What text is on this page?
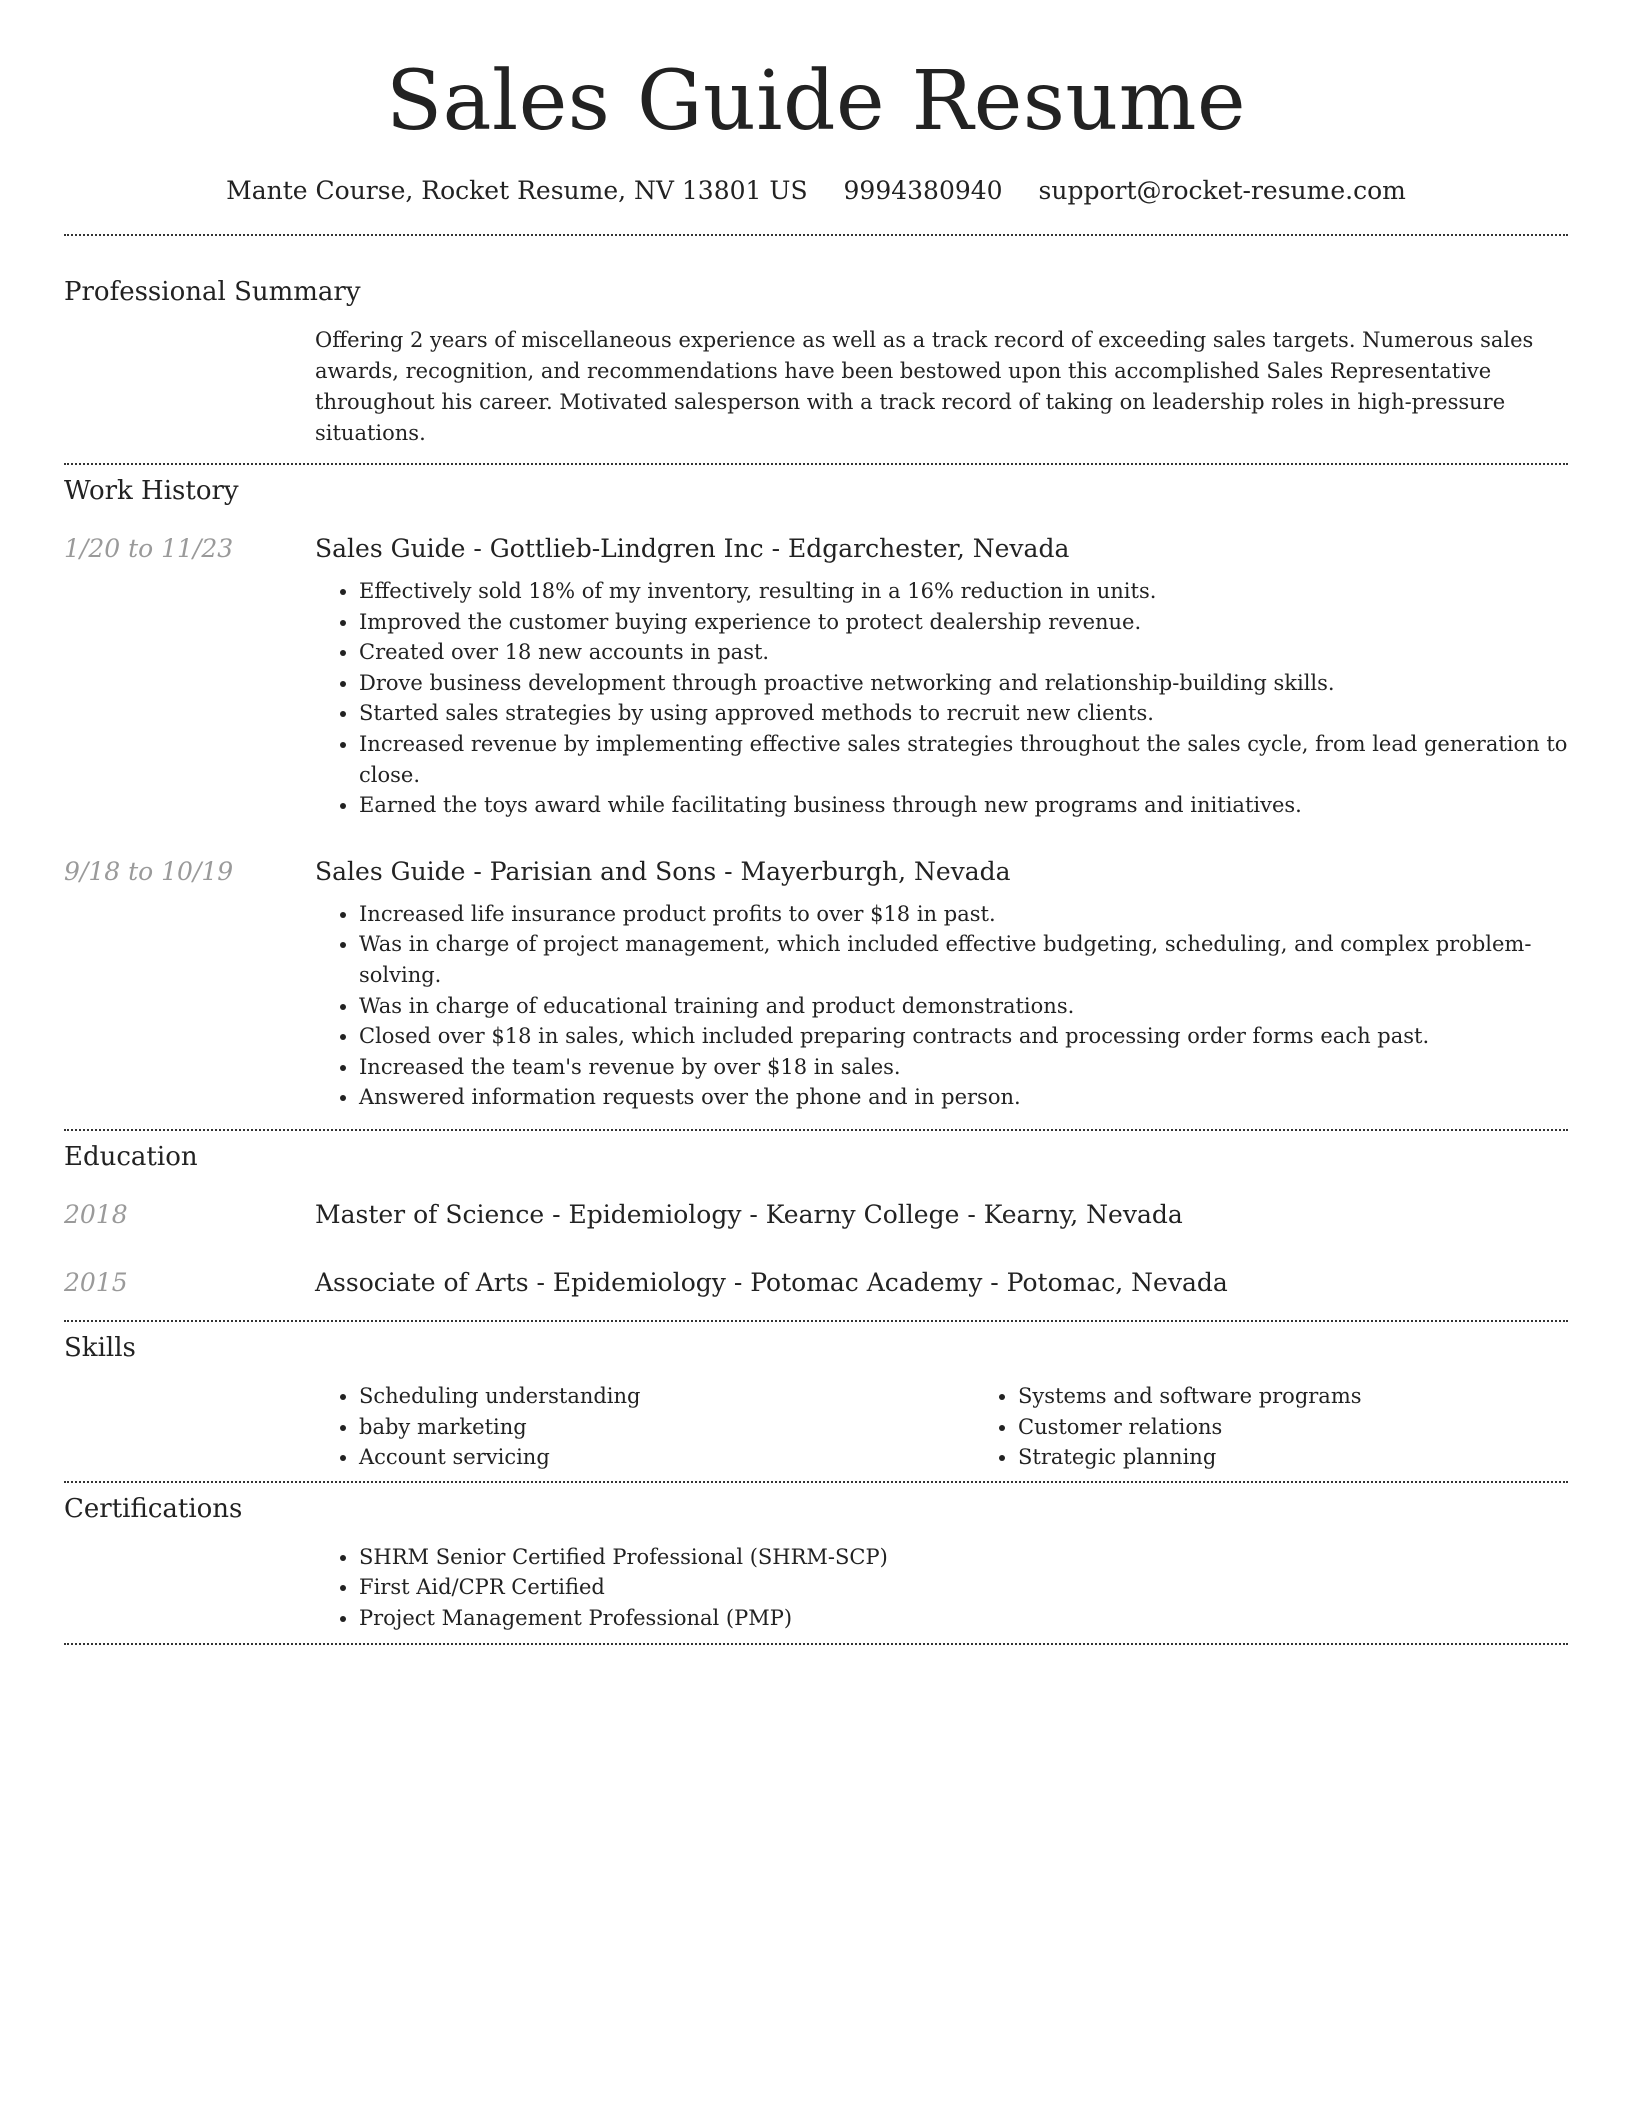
Sales Guide Resume
Mante Course, Rocket Resume, NV 13801 US 9994380940 support@rocket-resume.com
Professional Summary

Offering 2 years of miscellaneous experience as well as a track record of exceeding sales targets. Numerous sales awards, recognition, and recommendations have been bestowed upon this accomplished Sales Representative throughout his career. Motivated salesperson with a track record of taking on leadership roles in high-pressure situations.

Work History
1/20 to 11/23	Sales Guide - Gottlieb-Lindgren Inc - Edgarchester, Nevada
• Effectively sold 18% of my inventory, resulting in a 16% reduction in units.
• Improved the customer buying experience to protect dealership revenue.
• Created over 18 new accounts in past.
• Drove business development through proactive networking and relationship-building skills.
• Started sales strategies by using approved methods to recruit new clients.
• Increased revenue by implementing effective sales strategies throughout the sales cycle, from lead generation to close.
• Earned the toys award while facilitating business through new programs and initiatives.
9/18 to 10/19	Sales Guide - Parisian and Sons - Mayerburgh, Nevada
• Increased life insurance product profits to over $18 in past.
• Was in charge of project management, which included effective budgeting, scheduling, and complex problem-solving.
• Was in charge of educational training and product demonstrations.
• Closed over $18 in sales, which included preparing contracts and processing order forms each past.
• Increased the team's revenue by over $18 in sales.
• Answered information requests over the phone and in person.
Education
2018	Master of Science - Epidemiology - Kearny College - Kearny, Nevada
2015	Associate of Arts - Epidemiology - Potomac Academy - Potomac, Nevada
Skills
• Scheduling understanding
• baby marketing
• Account servicing
• Systems and software programs
• Customer relations
• Strategic planning
Certifications
• SHRM Senior Certified Professional (SHRM-SCP)
• First Aid/CPR Certified
• Project Management Professional (PMP)
